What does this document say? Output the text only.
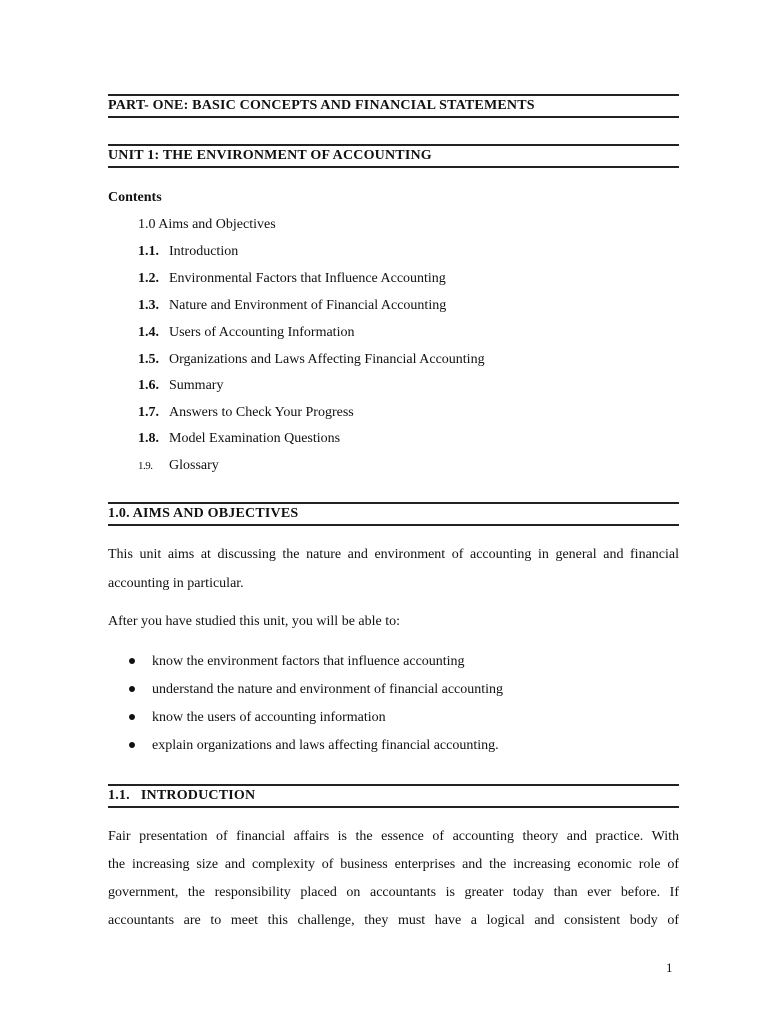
PART- ONE: BASIC CONCEPTS AND FINANCIAL STATEMENTS
UNIT 1: THE ENVIRONMENT OF ACCOUNTING
Contents
1.0 Aims and Objectives
1.1. Introduction
1.2. Environmental Factors that Influence Accounting
1.3. Nature and Environment of Financial Accounting
1.4. Users of Accounting Information
1.5. Organizations and Laws Affecting Financial Accounting
1.6. Summary
1.7. Answers to Check Your Progress
1.8. Model Examination Questions
1.9. Glossary
1.0. AIMS AND OBJECTIVES
This unit aims at discussing the nature and environment of accounting in general and financial
accounting in particular.
After you have studied this unit, you will be able to:
know the environment factors that influence accounting
understand the nature and environment of financial accounting
know the users of accounting information
explain organizations and laws affecting financial accounting.
1.1.   INTRODUCTION
Fair presentation of financial affairs is the essence of accounting theory and practice. With
the increasing size and complexity of business enterprises and the increasing economic role of
government, the responsibility placed on accountants is greater today than ever before. If
accountants are to meet this challenge, they must have a logical and consistent body of
1
